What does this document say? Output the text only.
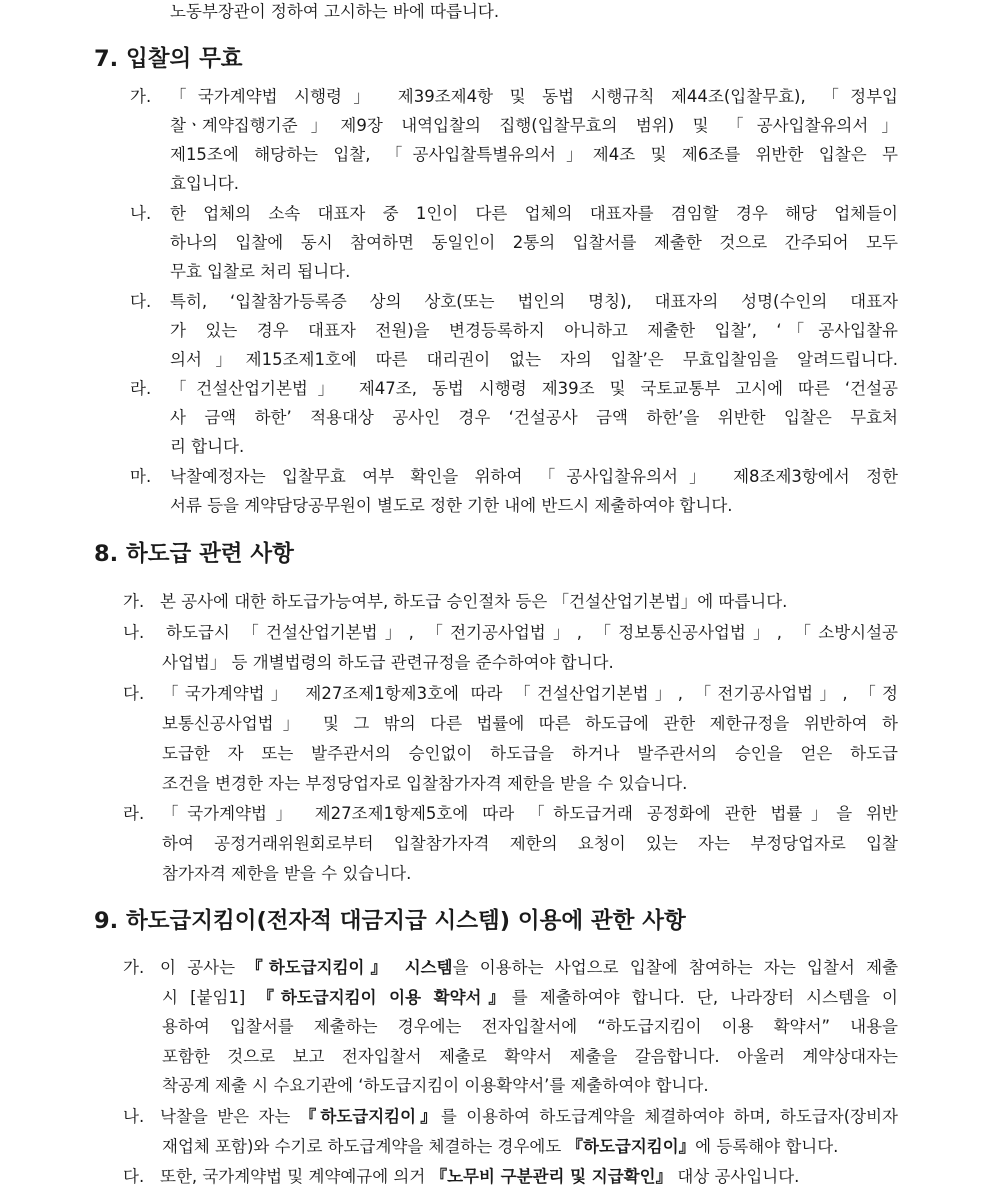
노동부장관이 정하여 고시하는 바에 따릅니다.
7. 입찰의 무효
가. 「국가계약법 시행령」 제39조제4항 및 동법 시행규칙 제44조(입찰무효), 「정부입
찰ㆍ계약집행기준」제9장 내역입찰의 집행(입찰무효의 범위) 및 「공사입찰유의서」
제15조에 해당하는 입찰, 「공사입찰특별유의서」제4조 및 제6조를 위반한 입찰은 무
효입니다.
나. 한 업체의 소속 대표자 중 1인이 다른 업체의 대표자를 겸임할 경우 해당 업체들이
하나의 입찰에 동시 참여하면 동일인이 2통의 입찰서를 제출한 것으로 간주되어 모두
무효 입찰로 처리 됩니다.
다. 특히, ‘입찰참가등록증 상의 상호(또는 법인의 명칭), 대표자의 성명(수인의 대표자
가 있는 경우 대표자 전원)을 변경등록하지 아니하고 제출한 입찰’, ‘「공사입찰유
의서」제15조제1호에 따른 대리권이 없는 자의 입찰’은 무효입찰임을 알려드립니다.
라. 「건설산업기본법」 제47조, 동법 시행령 제39조 및 국토교통부 고시에 따른 ‘건설공
사 금액 하한’ 적용대상 공사인 경우 ‘건설공사 금액 하한’을 위반한 입찰은 무효처
리 합니다.
마. 낙찰예정자는 입찰무효 여부 확인을 위하여 「공사입찰유의서」 제8조제3항에서 정한
서류 등을 계약담당공무원이 별도로 정한 기한 내에 반드시 제출하여야 합니다.
8. 하도급 관련 사항
가. 본 공사에 대한 하도급가능여부, 하도급 승인절차 등은 「건설산업기본법」에 따릅니다.
나. 하도급시 「건설산업기본법」, 「전기공사업법」, 「정보통신공사업법」, 「소방시설공
사업법」 등 개별법령의 하도급 관련규정을 준수하여야 합니다.
다. 「국가계약법」 제27조제1항제3호에 따라 「건설산업기본법」, 「전기공사업법」, 「정
보통신공사업법」 및 그 밖의 다른 법률에 따른 하도급에 관한 제한규정을 위반하여 하
도급한 자 또는 발주관서의 승인없이 하도급을 하거나 발주관서의 승인을 얻은 하도급
조건을 변경한 자는 부정당업자로 입찰참가자격 제한을 받을 수 있습니다.
라. 「국가계약법」 제27조제1항제5호에 따라 「하도급거래 공정화에 관한 법률」을 위반
하여 공정거래위원회로부터 입찰참가자격 제한의 요청이 있는 자는 부정당업자로 입찰
참가자격 제한을 받을 수 있습니다.
9. 하도급지킴이(전자적 대금지급 시스템) 이용에 관한 사항
가. 이 공사는 『하도급지킴이』 시스템을 이용하는 사업으로 입찰에 참여하는 자는 입찰서 제출
시 [붙임1] 『하도급지킴이 이용 확약서』를 제출하여야 합니다. 단, 나라장터 시스템을 이
용하여 입찰서를 제출하는 경우에는 전자입찰서에 “하도급지킴이 이용 확약서” 내용을
포함한 것으로 보고 전자입찰서 제출로 확약서 제출을 갈음합니다. 아울러 계약상대자는
착공계 제출 시 수요기관에 ‘하도급지킴이 이용확약서’를 제출하여야 합니다.
나. 낙찰을 받은 자는 『하도급지킴이』를 이용하여 하도급계약을 체결하여야 하며, 하도급자(장비자
재업체 포함)와 수기로 하도급계약을 체결하는 경우에도 『하도급지킴이』에 등록해야 합니다.
다. 또한, 국가계약법 및 계약예규에 의거 『노무비 구분관리 및 지급확인』 대상 공사입니다.
